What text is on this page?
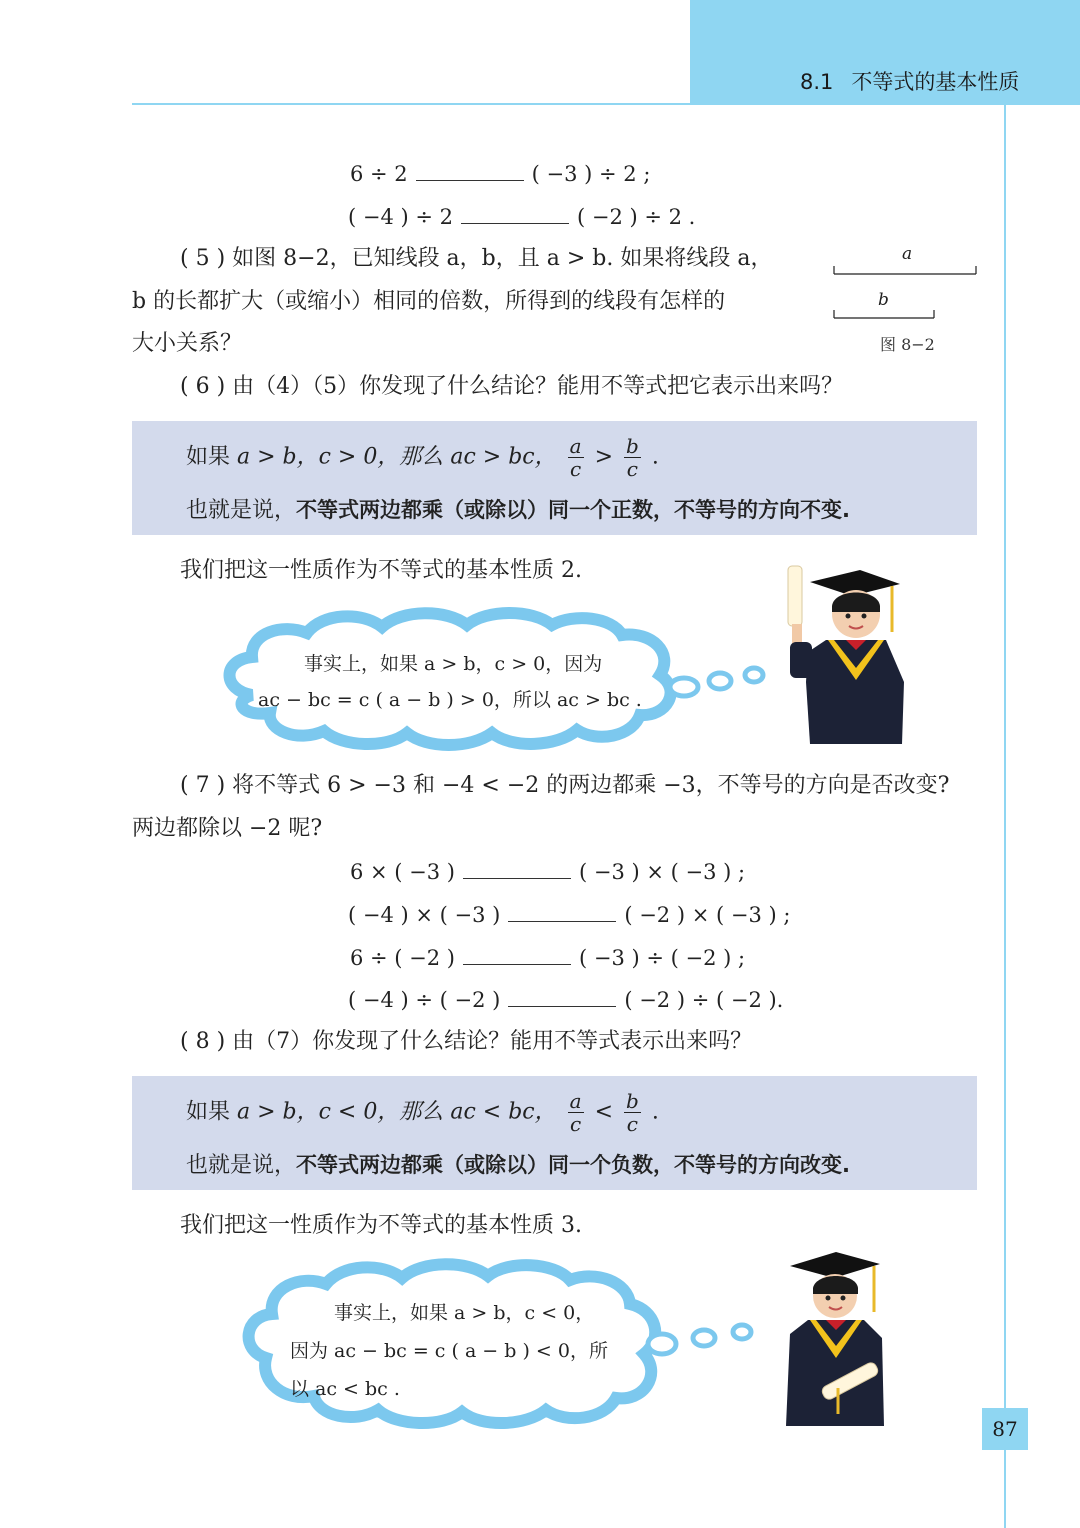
8.1 不等式的基本性质
6 ÷ 2	( −3 ) ÷ 2 ;
( −4 ) ÷ 2	( −2 ) ÷ 2 .
( 5 ) 如图 8−2，已知线段 a，b，且 a > b. 如果将线段 a，
b 的长都扩大（或缩小）相同的倍数，所得到的线段有怎样的
大小关系？
a
b
图 8−2
( 6 ) 由（4）（5）你发现了什么结论？能用不等式把它表示出来吗？
如果 a > b，c > 0，那么 ac > bc， $\frac{a}{c} > \frac{b}{c}$ .
也就是说，不等式两边都乘（或除以）同一个正数，不等号的方向不变.
我们把这一性质作为不等式的基本性质 2.
事实上，如果 a > b，c > 0，因为
ac − bc = c ( a − b ) > 0，所以 ac > bc .
( 7 ) 将不等式 6 > −3 和 −4 < −2 的两边都乘 −3，不等号的方向是否改变?
两边都除以 −2 呢?
6 × ( −3 )	( −3 ) × ( −3 ) ;
( −4 ) × ( −3 )	( −2 ) × ( −3 ) ;
6 ÷ ( −2 )	( −3 ) ÷ ( −2 ) ;
( −4 ) ÷ ( −2 )	( −2 ) ÷ ( −2 ).
( 8 ) 由（7）你发现了什么结论？能用不等式表示出来吗？
如果 a > b，c < 0，那么 ac < bc， $\frac{a}{c} < \frac{b}{c}$ .
也就是说，不等式两边都乘（或除以）同一个负数，不等号的方向改变.
我们把这一性质作为不等式的基本性质 3.
事实上，如果 a > b，c < 0，
因为 ac − bc = c ( a − b ) < 0，所
以 ac < bc .
87
